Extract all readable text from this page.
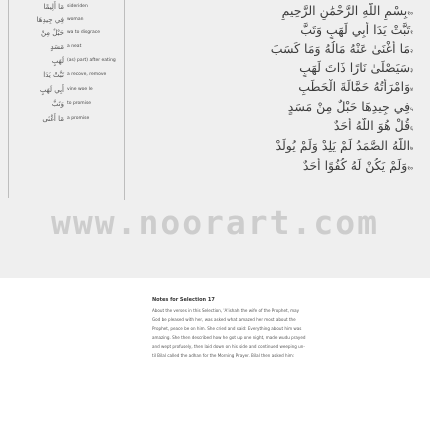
مَا أَلِيمًا sideriden
فِي جِيدِهَا woman
حَبْلٌ مِنْ wa to disgrace
مَسَدٍ a neat
لَهَبٍ (as) part) after eating
تَبَّتْ يَدَا a recove, remove
أَبِي لَهَبٍ vine woe le
وَتَبَّ to promise
مَا أَغْنَى a promise
१०بِسْمِ اللَّهِ الرَّحْمَٰنِ الرَّحِيمِ
१تَبَّتْ يَدَا أَبِي لَهَبٍ وَتَبَّ
२مَا أَغْنَىٰ عَنْهُ مَالُهُ وَمَا كَسَبَ
३سَيَصْلَىٰ نَارًا ذَاتَ لَهَبٍ
४وَامْرَأَتُهُ حَمَّالَةَ الْحَطَبِ
५فِي جِيدِهَا حَبْلٌ مِنْ مَسَدٍ
६قُلْ هُوَ اللَّهُ أَحَدٌ
७اللَّهُ الصَّمَدُ لَمْ يَلِدْ وَلَمْ يُولَدْ
१०وَلَمْ يَكُنْ لَهُ كُفُوًا أَحَدٌ
www.noorart.com
Notes for Selection 17
About the verses in this Selection, 'A'ishah the wife of the Prophet, may
God be pleased with her, was asked what amazed her most about the
Prophet, peace be on him. She cried and said: Everything about him was
amazing. She then described how he got up one night, made wudu prayed
and wept profusely, then laid down on his side and continued weeping un-
til Bilal called the adhan for the Morning Prayer. Bilal then asked him:
